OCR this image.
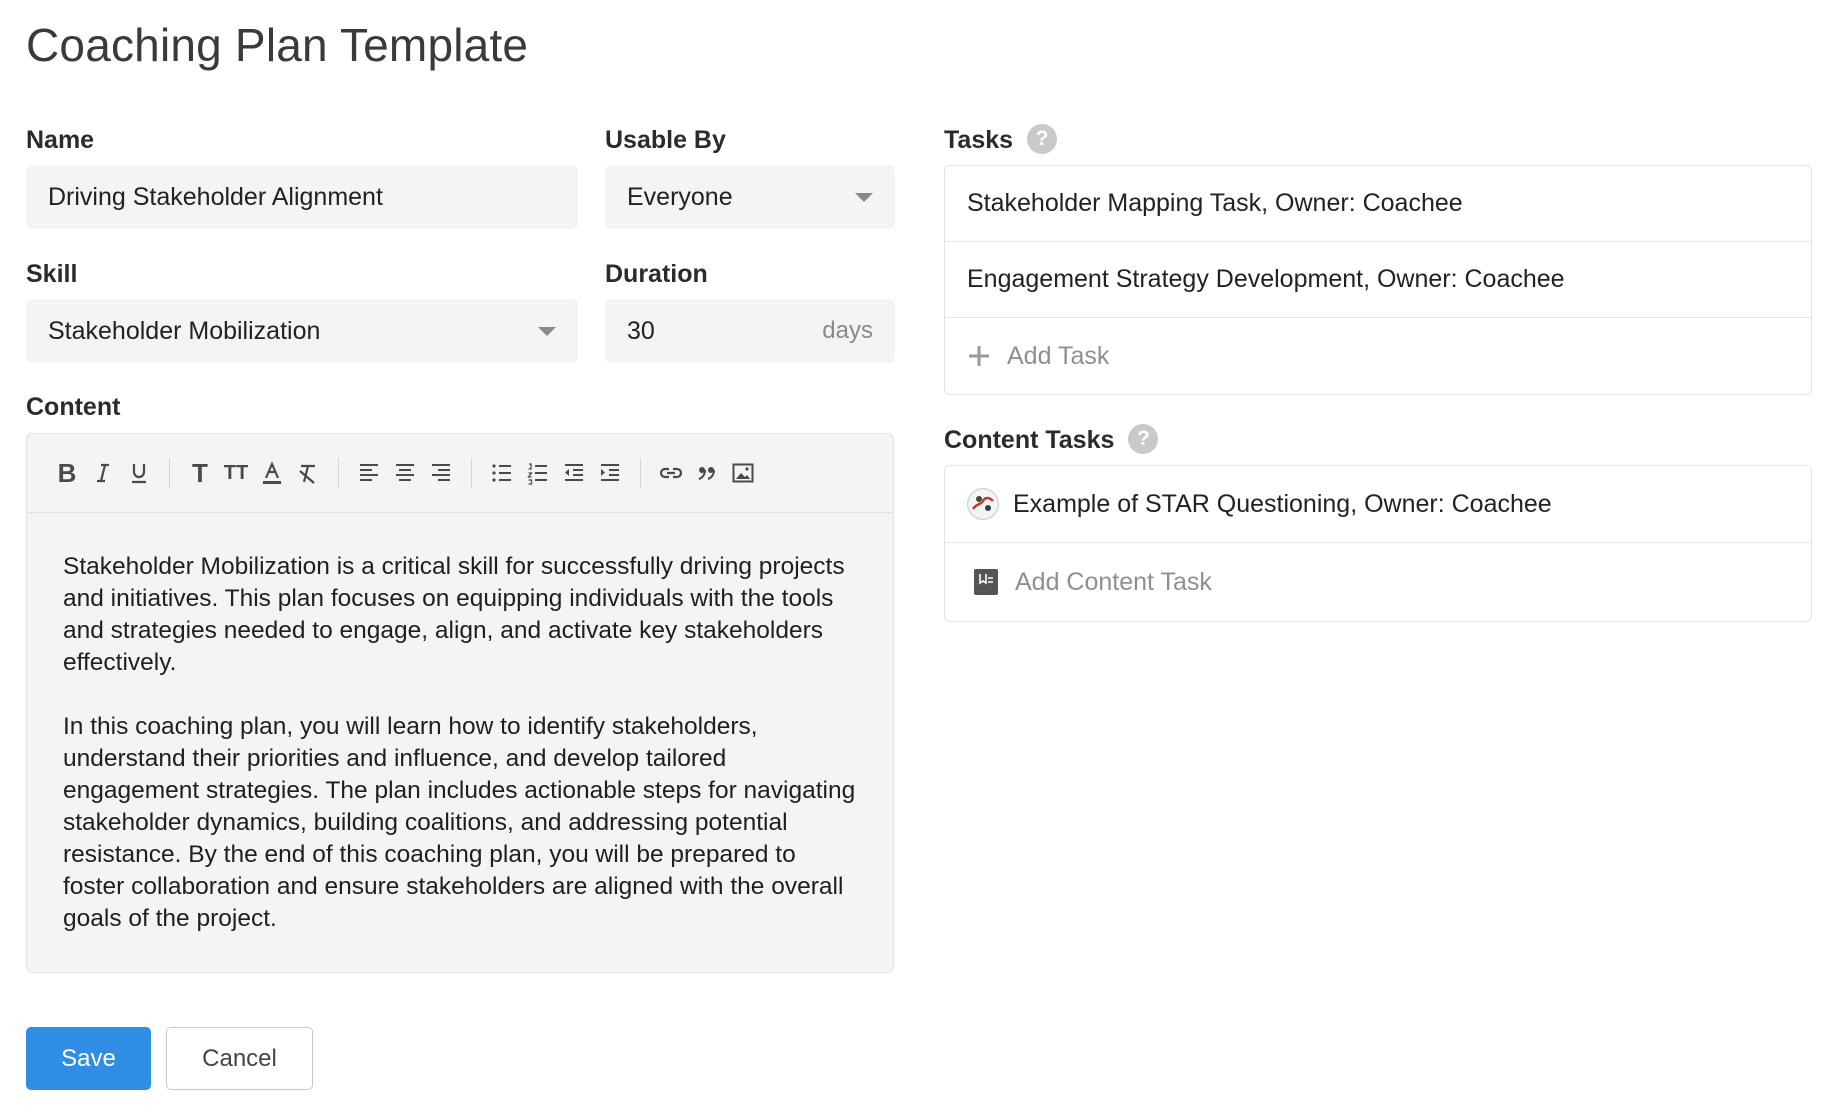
Coaching Plan Template
Name
Driving Stakeholder Alignment
Usable By
Everyone
Skill
Stakeholder Mobilization
Duration
30	days
Content
B	T TT

Stakeholder Mobilization is a critical skill for successfully driving projects and initiatives. This plan focuses on equipping individuals with the tools and strategies needed to engage, align, and activate key stakeholders effectively.

In this coaching plan, you will learn how to identify stakeholders, understand their priorities and influence, and develop tailored engagement strategies. The plan includes actionable steps for navigating stakeholder dynamics, building coalitions, and addressing potential resistance. By the end of this coaching plan, you will be prepared to foster collaboration and ensure stakeholders are aligned with the overall goals of the project.

Tasks ?
Stakeholder Mapping Task, Owner: Coachee
Engagement Strategy Development, Owner: Coachee
Add Task
Content Tasks ?
Example of STAR Questioning, Owner: Coachee
Add Content Task
Save	Cancel
